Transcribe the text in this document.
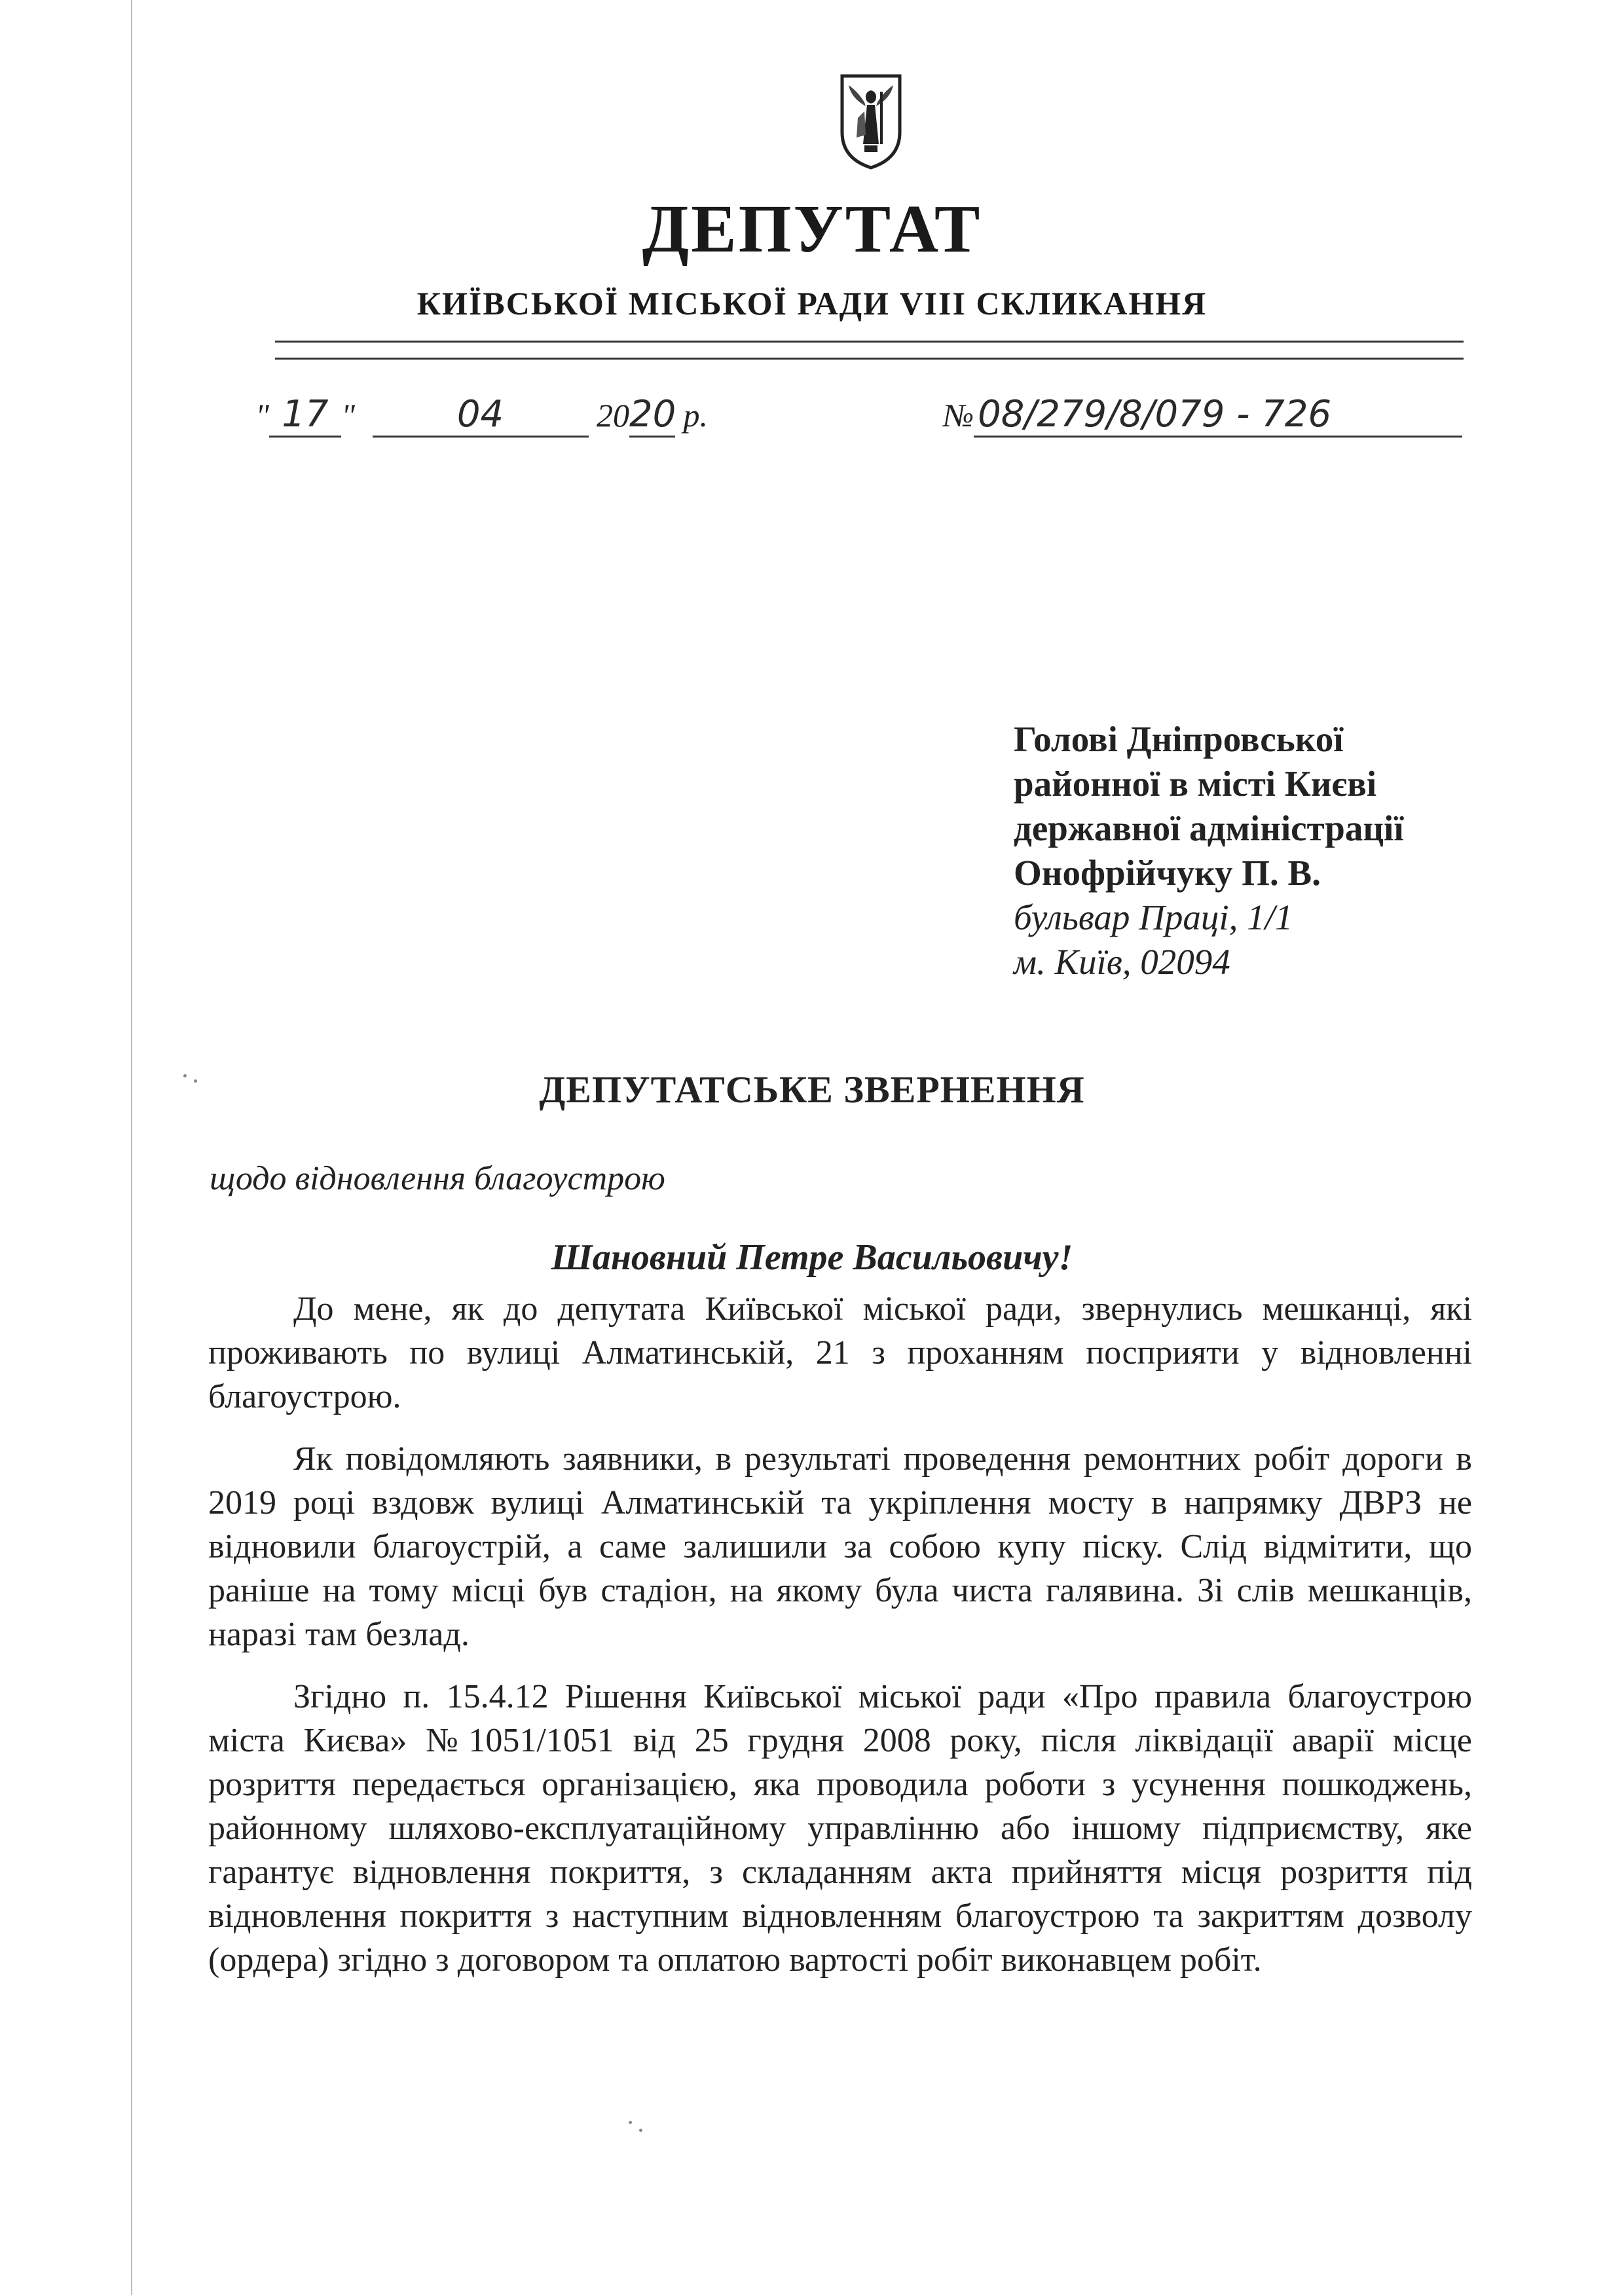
ДЕПУТАТ
КИЇВСЬКОЇ МІСЬКОЇ РАДИ VIII СКЛИКАННЯ
" 17 "	04	2020 р.	№ 08/279/8/079 - 726
Голові Дніпровської
районної в місті Києві
державної адміністрації
Онофрійчуку П. В.
бульвар Праці, 1/1
м. Київ, 02094
ДЕПУТАТСЬКЕ ЗВЕРНЕННЯ
щодо відновлення благоустрою
Шановний Петре Васильовичу!

До мене, як до депутата Київської міської ради, звернулись мешканці, які проживають по вулиці Алматинській, 21 з проханням посприяти у відновленні благоустрою.

Як повідомляють заявники, в результаті проведення ремонтних робіт дороги в 2019 році вздовж вулиці Алматинській та укріплення мосту в напрямку ДВРЗ не відновили благоустрій, а саме залишили за собою купу піску. Слід відмітити, що раніше на тому місці був стадіон, на якому була чиста галявина. Зі слів мешканців, наразі там безлад.

Згідно п. 15.4.12 Рішення Київської міської ради «Про правила благоустрою міста Києва» №1051/1051 від 25 грудня 2008 року, після ліквідації аварії місце розриття передається організацією, яка проводила роботи з усунення пошкоджень, районному шляхово-експлуатаційному управлінню або іншому підприємству, яке гарантує відновлення покриття, з складанням акта прийняття місця розриття під відновлення покриття з наступним відновленням благоустрою та закриттям дозволу (ордера) згідно з договором та оплатою вартості робіт виконавцем робіт.
